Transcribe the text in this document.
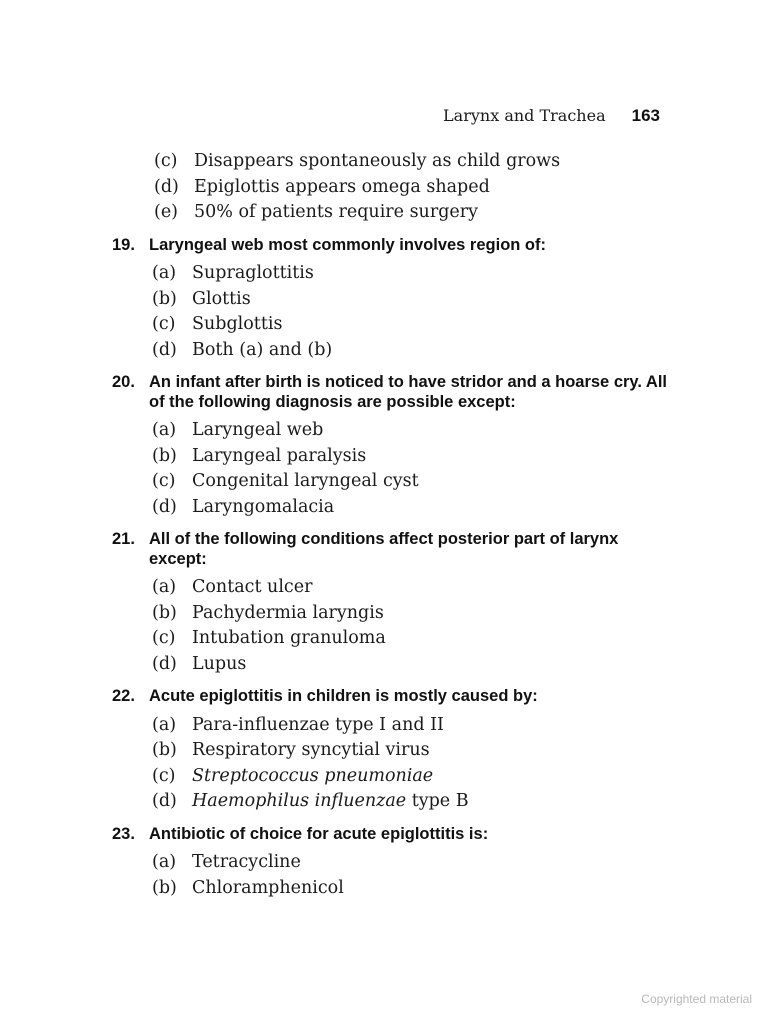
Larynx and Trachea 163
(c) Disappears spontaneously as child grows
(d) Epiglottis appears omega shaped
(e) 50% of patients require surgery
19. Laryngeal web most commonly involves region of:
(a) Supraglottitis
(b) Glottis
(c) Subglottis
(d) Both (a) and (b)
20. An infant after birth is noticed to have stridor and a hoarse cry. All of the following diagnosis are possible except:
(a) Laryngeal web
(b) Laryngeal paralysis
(c) Congenital laryngeal cyst
(d) Laryngomalacia
21. All of the following conditions affect posterior part of larynx except:
(a) Contact ulcer
(b) Pachydermia laryngis
(c) Intubation granuloma
(d) Lupus
22. Acute epiglottitis in children is mostly caused by:
(a) Para-influenzae type I and II
(b) Respiratory syncytial virus
(c) Streptococcus pneumoniae
(d) Haemophilus influenzae type B
23. Antibiotic of choice for acute epiglottitis is:
(a) Tetracycline
(b) Chloramphenicol
Copyrighted material
